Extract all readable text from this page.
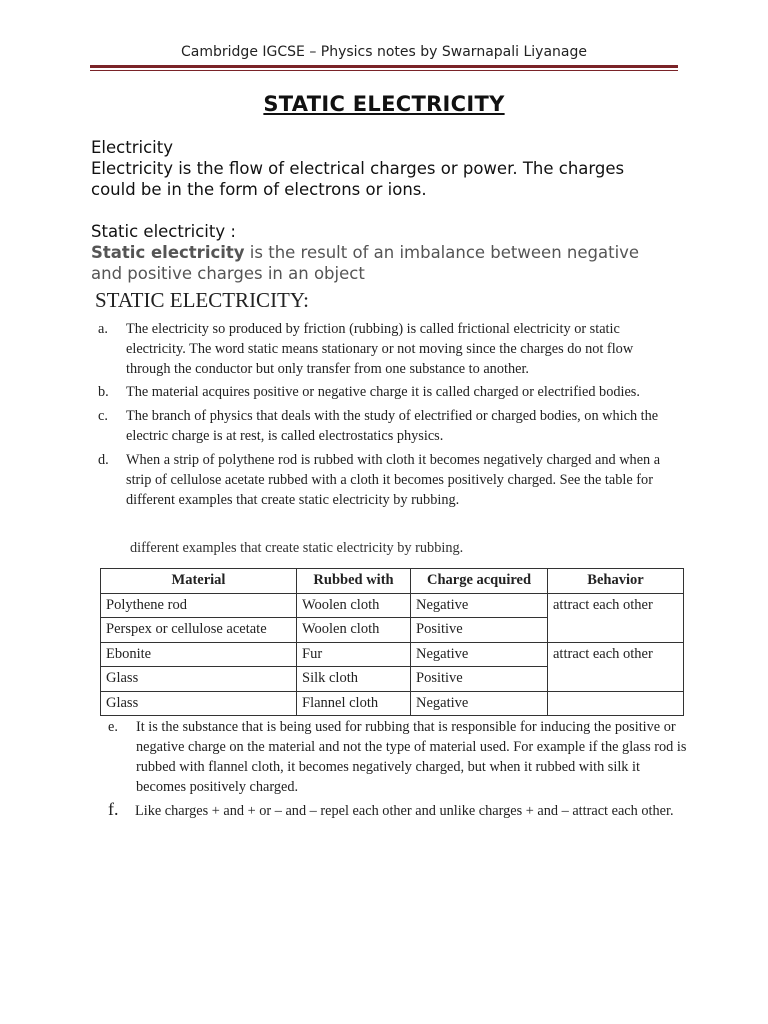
Cambridge IGCSE – Physics notes by Swarnapali Liyanage
STATIC ELECTRICITY
Electricity
Electricity is the flow of electrical charges or power. The charges
could be in the form of electrons or ions.
Static electricity :
Static electricity is the result of an imbalance between negative
and positive charges in an object
STATIC ELECTRICITY:
a. The electricity so produced by friction (rubbing) is called frictional electricity or static
electricity. The word static means stationary or not moving since the charges do not flow
through the conductor but only transfer from one substance to another.
b. The material acquires positive or negative charge it is called charged or electrified bodies.
c. The branch of physics that deals with the study of electrified or charged bodies, on which the
electric charge is at rest, is called electrostatics physics.
d. When a strip of polythene rod is rubbed with cloth it becomes negatively charged and when a
strip of cellulose acetate rubbed with a cloth it becomes positively charged. See the table for
different examples that create static electricity by rubbing.
different examples that create static electricity by rubbing.
Material	Rubbed with	Charge acquired	Behavior
Polythene rod	Woolen cloth	Negative	attract each other
Perspex or cellulose acetate	Woolen cloth	Positive	
Ebonite	Fur	Negative	attract each other
Glass	Silk cloth	Positive	
Glass	Flannel cloth	Negative	
e. It is the substance that is being used for rubbing that is responsible for inducing the positive or
negative charge on the material and not the type of material used. For example if the glass rod is
rubbed with flannel cloth, it becomes negatively charged, but when it rubbed with silk it
becomes positively charged.
f. Like charges + and + or – and – repel each other and unlike charges + and – attract each other.
